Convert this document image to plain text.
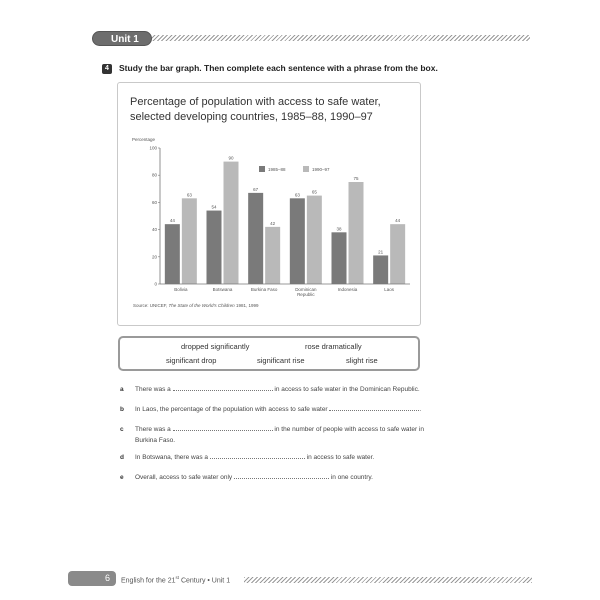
Unit 1
4	Study the bar graph. Then complete each sentence with a phrase from the box.
Percentage of population with access to safe water,
selected developing countries, 1985–88, 1990–97
Percentage
0
20
40
60
80
100
44
63
54
90
67
42
63
65
38
75
21
44
Bolivia	Botswana	Burkina Faso	Dominican
Republic
Indonesia	Laos
1985–88	1990–97
Source: UNICEF, The State of the World's Children 1981, 1999
dropped significantly	rose dramatically
significant drop	significant rise	slight rise
a There was a	in access to safe water in the Dominican Republic.
b In Laos, the percentage of the population with access to safe water	.
c There was a	in the number of people with access to safe water in
Burkina Faso.
d In Botswana, there was a	in access to safe water.
e Overall, access to safe water only	in one country.
6	English for the 21st Century • Unit 1
